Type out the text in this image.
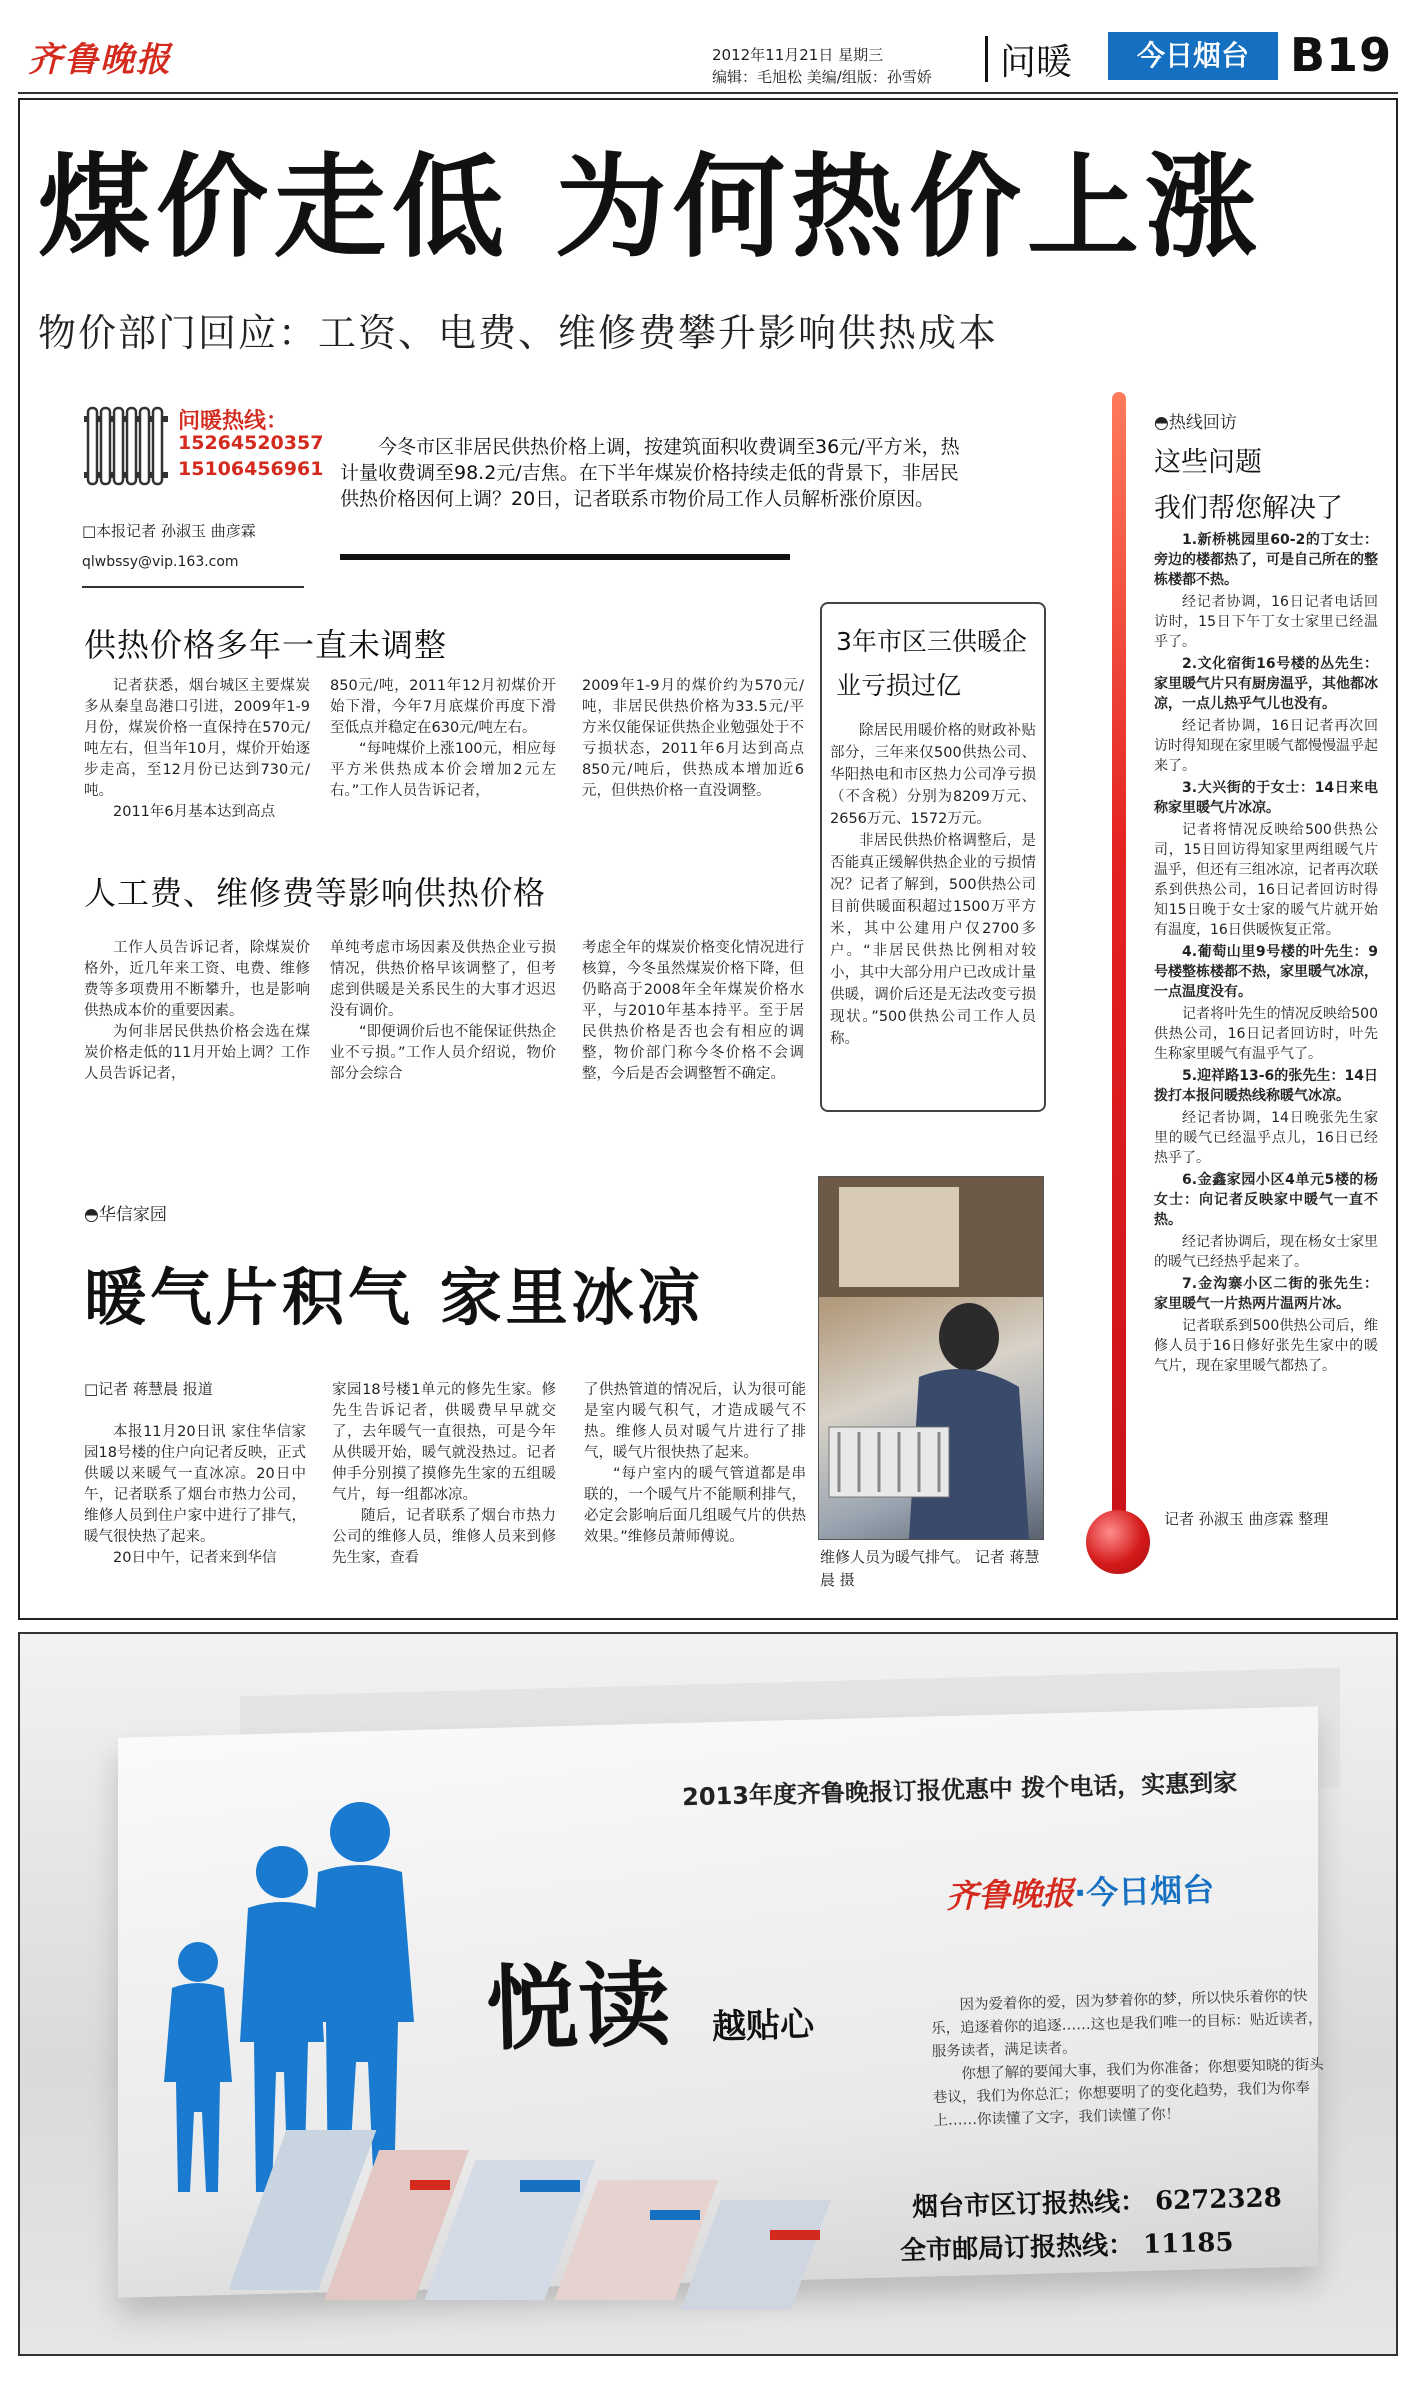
齐鲁晚报	2012年11月21日 星期三
编辑：毛旭松 美编/组版：孙雪娇 问暖	今日烟台 B19
煤价走低 为何热价上涨
物价部门回应：工资、电费、维修费攀升影响供热成本
问暖热线：
15264520357
15106456961
□本报记者 孙淑玉 曲彦霖
qlwbssy@vip.163.com
今冬市区非居民供热价格上调，按建筑面积收费调至36元/平方米，热计量收费调至98.2元/吉焦。在下半年煤炭价格持续走低的背景下，非居民供热价格因何上调？20日，记者联系市物价局工作人员解析涨价原因。
供热价格多年一直未调整

记者获悉，烟台城区主要煤炭多从秦皇岛港口引进，2009年1-9月份，煤炭价格一直保持在570元/吨左右，但当年10月，煤价开始逐步走高，至12月份已达到730元/吨。

2011年6月基本达到高点

850元/吨，2011年12月初煤价开始下滑，今年7月底煤价再度下滑至低点并稳定在630元/吨左右。

“每吨煤价上涨100元，相应每平方米供热成本价会增加2元左右。”工作人员告诉记者，

2009年1-9月的煤价约为570元/吨，非居民供热价格为33.5元/平方米仅能保证供热企业勉强处于不亏损状态，2011年6月达到高点850元/吨后，供热成本增加近6元，但供热价格一直没调整。

人工费、维修费等影响供热价格

工作人员告诉记者，除煤炭价格外，近几年来工资、电费、维修费等多项费用不断攀升，也是影响供热成本价的重要因素。

为何非居民供热价格会选在煤炭价格走低的11月开始上调？工作人员告诉记者，

单纯考虑市场因素及供热企业亏损情况，供热价格早该调整了，但考虑到供暖是关系民生的大事才迟迟没有调价。

“即便调价后也不能保证供热企业不亏损。”工作人员介绍说，物价部分会综合

考虑全年的煤炭价格变化情况进行核算，今冬虽然煤炭价格下降，但仍略高于2008年全年煤炭价格水平，与2010年基本持平。至于居民供热价格是否也会有相应的调整，物价部门称今冬价格不会调整，今后是否会调整暂不确定。

3年市区三供暖企业亏损过亿

除居民用暖价格的财政补贴部分，三年来仅500供热公司、华阳热电和市区热力公司净亏损（不含税）分别为8209万元、2656万元、1572万元。

非居民供热价格调整后，是否能真正缓解供热企业的亏损情况？记者了解到，500供热公司目前供暖面积超过1500万平方米，其中公建用户仅2700多户。“非居民供热比例相对较小，其中大部分用户已改成计量供暖，调价后还是无法改变亏损现状。”500供热公司工作人员称。

◓热线回访
这些问题
我们帮您解决了

1.新桥桃园里60-2的丁女士：旁边的楼都热了，可是自己所在的整栋楼都不热。

经记者协调，16日记者电话回访时，15日下午丁女士家里已经温乎了。

2.文化宿街16号楼的丛先生：家里暖气片只有厨房温乎，其他都冰凉，一点儿热乎气儿也没有。

经记者协调，16日记者再次回访时得知现在家里暖气都慢慢温乎起来了。

3.大兴街的于女士：14日来电称家里暖气片冰凉。

记者将情况反映给500供热公司，15日回访得知家里两组暖气片温乎，但还有三组冰凉，记者再次联系到供热公司，16日记者回访时得知15日晚于女士家的暖气片就开始有温度，16日供暖恢复正常。

4.葡萄山里9号楼的叶先生：9号楼整栋楼都不热，家里暖气冰凉，一点温度没有。

记者将叶先生的情况反映给500供热公司，16日记者回访时，叶先生称家里暖气有温乎气了。

5.迎祥路13-6的张先生：14日拨打本报问暖热线称暖气冰凉。

经记者协调，14日晚张先生家里的暖气已经温乎点儿，16日已经热乎了。

6.金鑫家园小区4单元5楼的杨女士：向记者反映家中暖气一直不热。

经记者协调后，现在杨女士家里的暖气已经热乎起来了。

7.金沟寨小区二街的张先生：家里暖气一片热两片温两片冰。

记者联系到500供热公司后，维修人员于16日修好张先生家中的暖气片，现在家里暖气都热了。

记者 孙淑玉 曲彦霖 整理
◓华信家园
暖气片积气 家里冰凉
□记者 蒋慧晨 报道

本报11月20日讯 家住华信家园18号楼的住户向记者反映，正式供暖以来暖气一直冰凉。20日中午，记者联系了烟台市热力公司，维修人员到住户家中进行了排气，暖气很快热了起来。

20日中午，记者来到华信

家园18号楼1单元的修先生家。修先生告诉记者，供暖费早早就交了，去年暖气一直很热，可是今年从供暖开始，暖气就没热过。记者伸手分别摸了摸修先生家的五组暖气片，每一组都冰凉。

随后，记者联系了烟台市热力公司的维修人员，维修人员来到修先生家，查看

了供热管道的情况后，认为很可能是室内暖气积气，才造成暖气不热。维修人员对暖气片进行了排气，暖气片很快热了起来。

“每户室内的暖气管道都是串联的，一个暖气片不能顺利排气，必定会影响后面几组暖气片的供热效果。”维修员萧师傅说。

维修人员为暖气排气。 记者 蒋慧晨 摄
2013年度齐鲁晚报订报优惠中 拨个电话，实惠到家
齐鲁晚报·今日烟台
悦读 越贴心

因为爱着你的爱，因为梦着你的梦，所以快乐着你的快乐，追逐着你的追逐……这也是我们唯一的目标：贴近读者，服务读者，满足读者。

你想了解的要闻大事，我们为你准备；你想要知晓的街头巷议，我们为你总汇；你想要明了的变化趋势，我们为你奉上……你读懂了文字，我们读懂了你！

烟台市区订报热线： 6272328
全市邮局订报热线： 11185
